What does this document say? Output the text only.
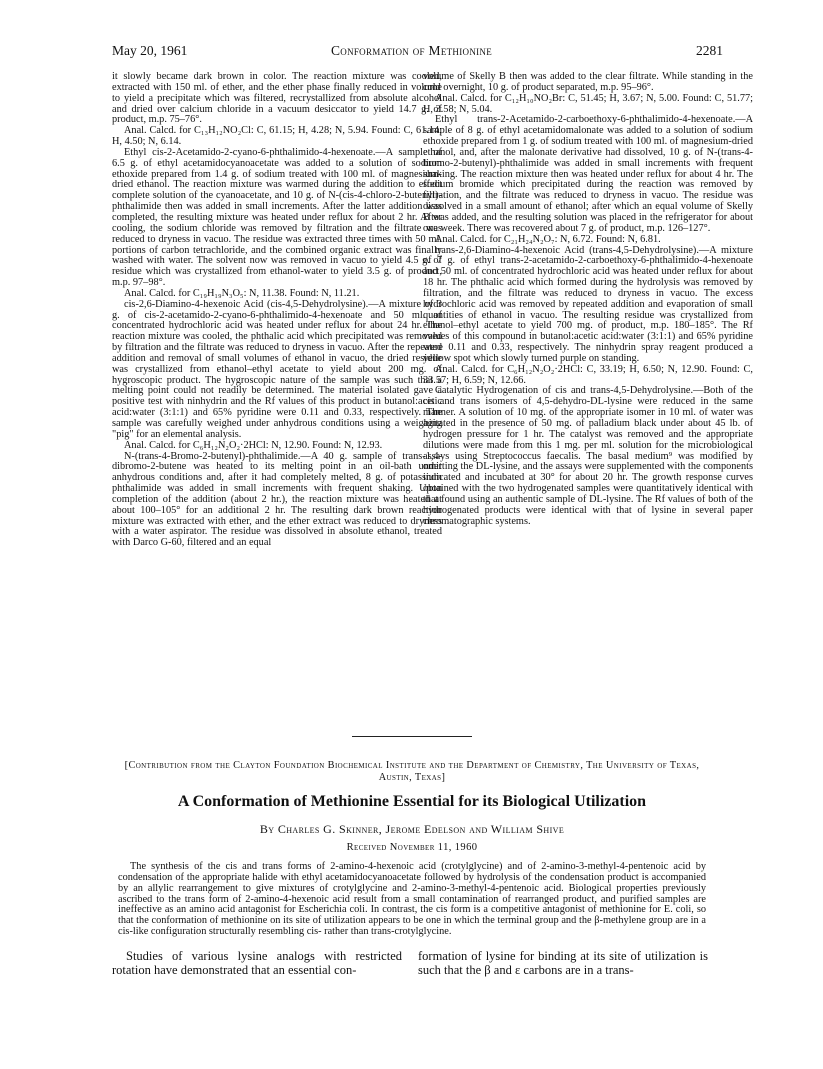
May 20, 1961	Conformation of Methionine	2281

it slowly became dark brown in color. The reaction mixture was cooled, extracted with 150 ml. of ether, and the ether phase finally reduced in volume to yield a precipitate which was filtered, recrystallized from absolute alcohol and dried over calcium chloride in a vacuum desiccator to yield 14.7 g. of product, m.p. 75–76°.

Anal. Calcd. for C₁₃H₁₂NO₂Cl: C, 61.15; H, 4.28; N, 5.94. Found: C, 61.14; H, 4.50; N, 6.14.

Ethyl cis-2-Acetamido-2-cyano-6-phthalimido-4-hexenoate.—A sample of 6.5 g. of ethyl acetamidocyanoacetate was added to a solution of sodium ethoxide prepared from 1.4 g. of sodium treated with 100 ml. of magnesium-dried ethanol. The reaction mixture was warmed during the addition to effect complete solution of the cyanoacetate, and 10 g. of N-(cis-4-chloro-2-butenyl)-phthalimide then was added in small increments. After the latter addition was completed, the resulting mixture was heated under reflux for about 2 hr. After cooling, the sodium chloride was removed by filtration and the filtrate was reduced to dryness in vacuo. The residue was extracted three times with 50 ml. portions of carbon tetrachloride, and the combined organic extract was finally washed with water. The solvent now was removed in vacuo to yield 4.5 g. of residue which was crystallized from ethanol-water to yield 3.5 g. of product, m.p. 97–98°.

Anal. Calcd. for C₁₉H₁₉N₃O₅: N, 11.38. Found: N, 11.21.

cis-2,6-Diamino-4-hexenoic Acid (cis-4,5-Dehydrolysine).—A mixture of 3 g. of cis-2-acetamido-2-cyano-6-phthalimido-4-hexenoate and 50 ml. of concentrated hydrochloric acid was heated under reflux for about 24 hr. The reaction mixture was cooled, the phthalic acid which precipitated was removed by filtration and the filtrate was reduced to dryness in vacuo. After the repeated addition and removal of small volumes of ethanol in vacuo, the dried residue was crystallized from ethanol–ethyl acetate to yield about 200 mg. of hygroscopic product. The hygroscopic nature of the sample was such that a melting point could not readily be determined. The material isolated gave a positive test with ninhydrin and the Rf values of this product in butanol:acetic acid:water (3:1:1) and 65% pyridine were 0.11 and 0.33, respectively. The sample was carefully weighed under anhydrous conditions using a weighing "pig" for an elemental analysis.

Anal. Calcd. for C₆H₁₂N₂O₂·2HCl: N, 12.90. Found: N, 12.93.

N-(trans-4-Bromo-2-butenyl)-phthalimide.—A 40 g. sample of trans-1,4-dibromo-2-butene was heated to its melting point in an oil-bath under anhydrous conditions and, after it had completely melted, 8 g. of potassium phthalimide was added in small increments with frequent shaking. Upon completion of the addition (about 2 hr.), the reaction mixture was heated at about 100–105° for an additional 2 hr. The resulting dark brown reaction mixture was extracted with ether, and the ether extract was reduced to dryness with a water aspirator. The residue was dissolved in absolute ethanol, treated with Darco G-60, filtered and an equal

volume of Skelly B then was added to the clear filtrate. While standing in the cold overnight, 10 g. of product separated, m.p. 95–96°.

Anal. Calcd. for C₁₂H₁₀NO₂Br: C, 51.45; H, 3.67; N, 5.00. Found: C, 51.77; H, 3.58; N, 5.04.

Ethyl trans-2-Acetamido-2-carboethoxy-6-phthalimido-4-hexenoate.—A sample of 8 g. of ethyl acetamidomalonate was added to a solution of sodium ethoxide prepared from 1 g. of sodium treated with 100 ml. of magnesium-dried ethanol, and, after the malonate derivative had dissolved, 10 g. of N-(trans-4-bromo-2-butenyl)-phthalimide was added in small increments with frequent shaking. The reaction mixture then was heated under reflux for about 4 hr. The sodium bromide which precipitated during the reaction was removed by filtration, and the filtrate was reduced to dryness in vacuo. The residue was dissolved in a small amount of ethanol; after which an equal volume of Skelly B was added, and the resulting solution was placed in the refrigerator for about one week. There was recovered about 7 g. of product, m.p. 126–127°.

Anal. Calcd. for C₂₁H₂₄N₂O₇: N, 6.72. Found: N, 6.81.

trans-2,6-Diamino-4-hexenoic Acid (trans-4,5-Dehydrolysine).—A mixture of 7 g. of ethyl trans-2-acetamido-2-carboethoxy-6-phthalimido-4-hexenoate and 50 ml. of concentrated hydrochloric acid was heated under reflux for about 18 hr. The phthalic acid which formed during the hydrolysis was removed by filtration, and the filtrate was reduced to dryness in vacuo. The excess hydrochloric acid was removed by repeated addition and evaporation of small quantities of ethanol in vacuo. The resulting residue was crystallized from ethanol–ethyl acetate to yield 700 mg. of product, m.p. 180–185°. The Rf values of this compound in butanol:acetic acid:water (3:1:1) and 65% pyridine were 0.11 and 0.33, respectively. The ninhydrin spray reagent produced a yellow spot which slowly turned purple on standing.

Anal. Calcd. for C₆H₁₂N₂O₂·2HCl: C, 33.19; H, 6.50; N, 12.90. Found: C, 33.57; H, 6.59; N, 12.66.

Catalytic Hydrogenation of cis and trans-4,5-Dehydrolysine.—Both of the cis and trans isomers of 4,5-dehydro-DL-lysine were reduced in the same manner. A solution of 10 mg. of the appropriate isomer in 10 ml. of water was agitated in the presence of 50 mg. of palladium black under about 45 lb. of hydrogen pressure for 1 hr. The catalyst was removed and the appropriate dilutions were made from this 1 mg. per ml. solution for the microbiological assays using Streptococcus faecalis. The basal medium⁹ was modified by omitting the DL-lysine, and the assays were supplemented with the components indicated and incubated at 30° for about 20 hr. The growth response curves obtained with the two hydrogenated samples were quantitatively identical with that found using an authentic sample of DL-lysine. The Rf values of both of the hydrogenated products were identical with that of lysine in several paper chromatographic systems.

[Contribution from the Clayton Foundation Biochemical Institute and the Department of Chemistry, The University of Texas, Austin, Texas]
A Conformation of Methionine Essential for its Biological Utilization
By Charles G. Skinner, Jerome Edelson and William Shive
Received November 11, 1960
The synthesis of the cis and trans forms of 2-amino-4-hexenoic acid (crotylglycine) and of 2-amino-3-methyl-4-pentenoic acid by condensation of the appropriate halide with ethyl acetamidocyanoacetate followed by hydrolysis of the condensation product is accompanied by an allylic rearrangement to give mixtures of crotylglycine and 2-amino-3-methyl-4-pentenoic acid. Biological properties previously ascribed to the trans form of 2-amino-4-hexenoic acid result from a small contamination of rearranged product, and purified samples are ineffective as an amino acid antagonist for Escherichia coli. In contrast, the cis form is a competitive antagonist of methionine for E. coli, so that the conformation of methionine on its site of utilization appears to be one in which the terminal group and the β-methylene group are in a cis-like configuration structurally resembling cis- rather than trans-crotylglycine.
Studies of various lysine analogs with restricted rotation have demonstrated that an essential con-
formation of lysine for binding at its site of utilization is such that the β and ε carbons are in a trans-
